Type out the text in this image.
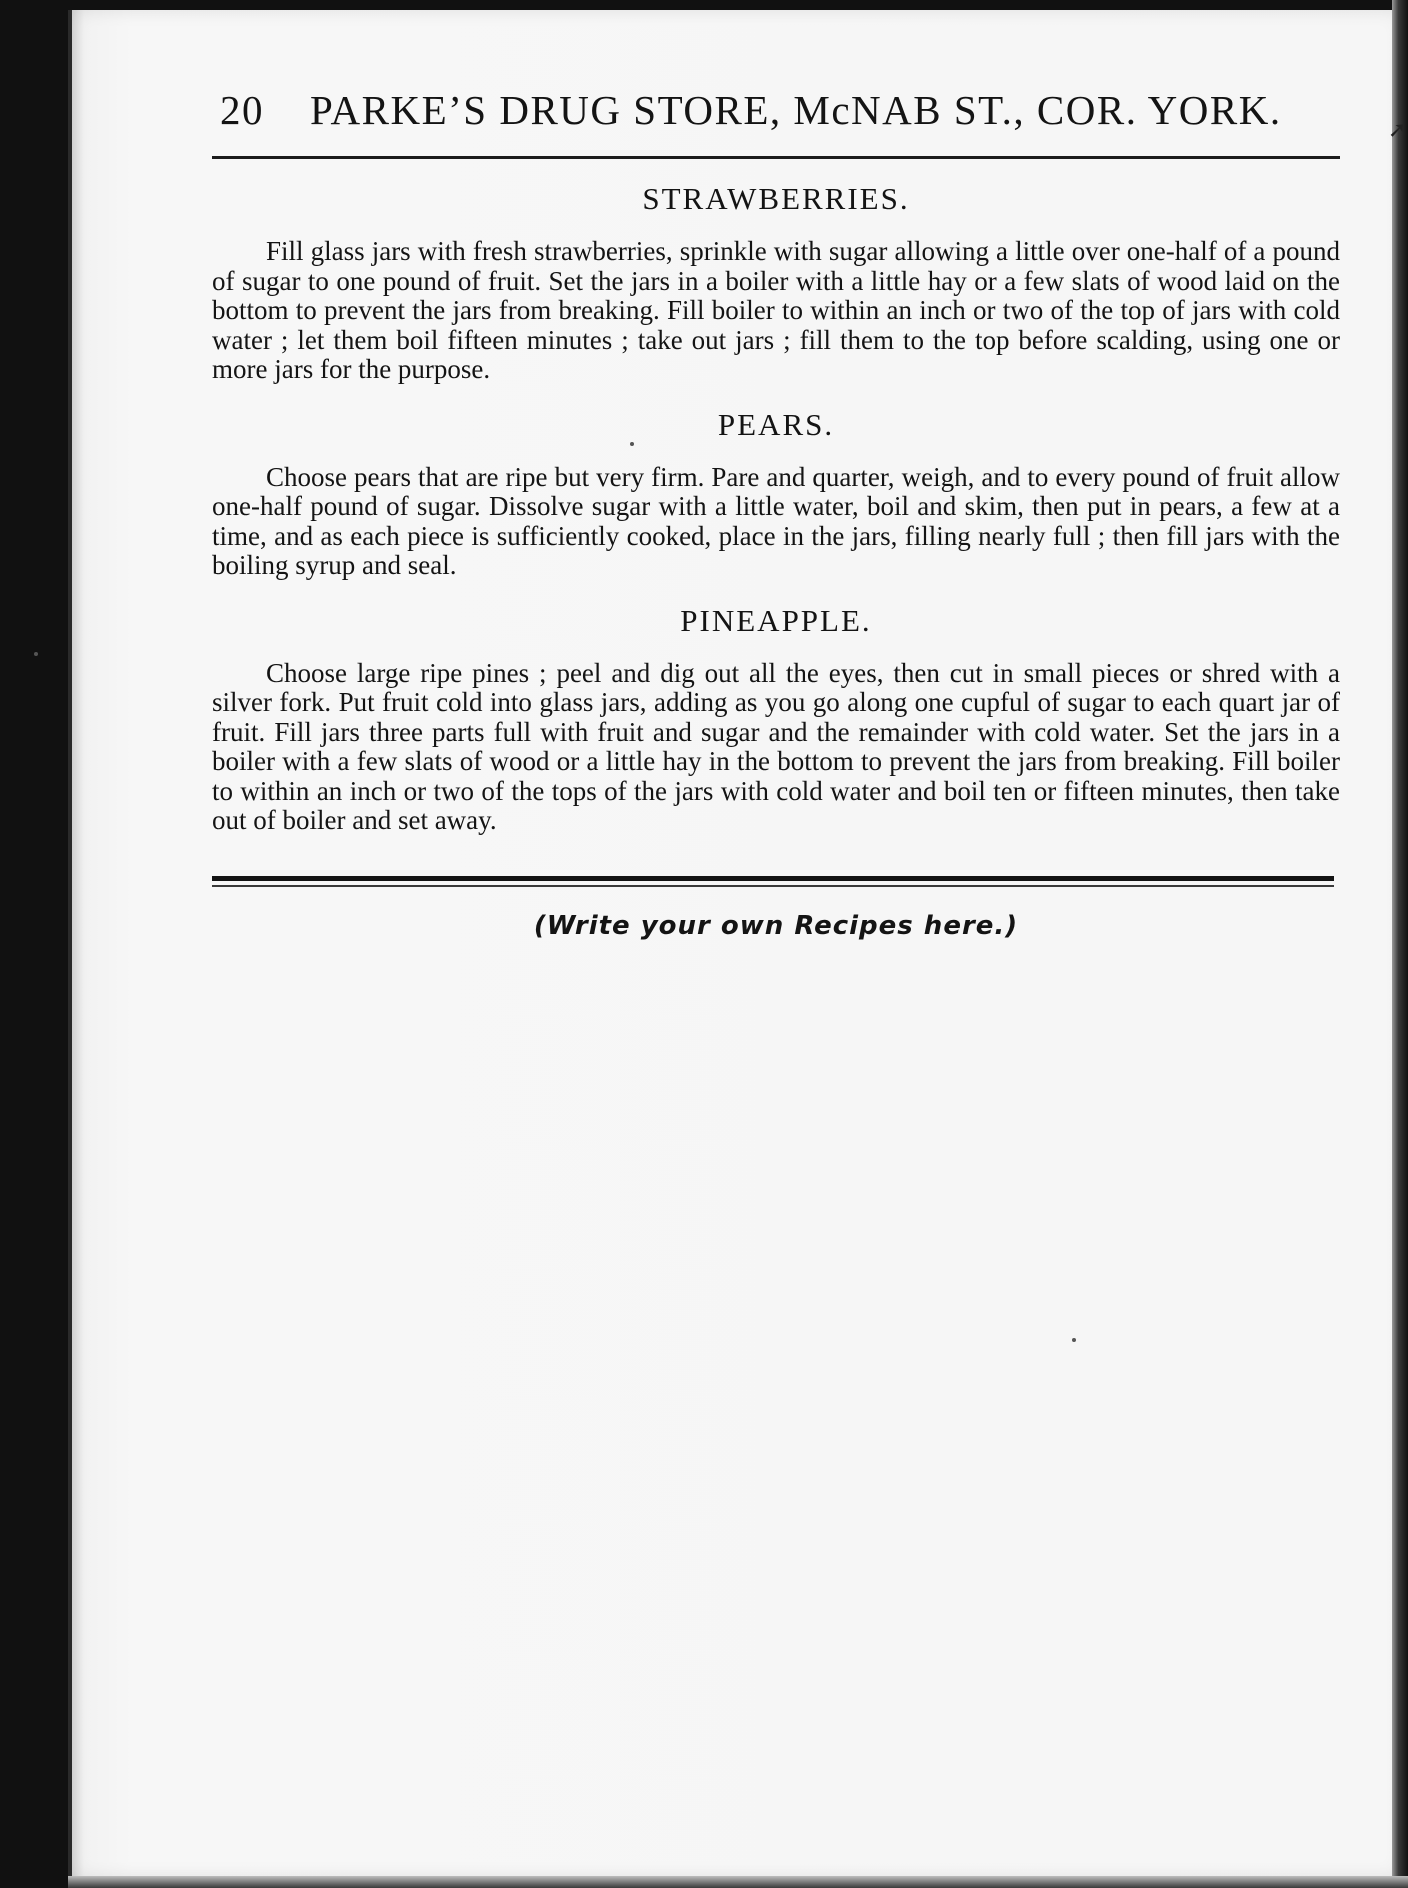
20 PARKE’S DRUG STORE, McNAB ST., COR. YORK.
STRAWBERRIES.

Fill glass jars with fresh strawberries, sprinkle with sugar allowing a little over one-half of a pound of sugar to one pound of fruit. Set the jars in a boiler with a little hay or a few slats of wood laid on the bottom to prevent the jars from breaking. Fill boiler to within an inch or two of the top of jars with cold water ; let them boil fifteen minutes ; take out jars ; fill them to the top before scalding, using one or more jars for the purpose.

PEARS.

Choose pears that are ripe but very firm. Pare and quarter, weigh, and to every pound of fruit allow one-half pound of sugar. Dissolve sugar with a little water, boil and skim, then put in pears, a few at a time, and as each piece is sufficiently cooked, place in the jars, filling nearly full ; then fill jars with the boiling syrup and seal.

PINEAPPLE.

Choose large ripe pines ; peel and dig out all the eyes, then cut in small pieces or shred with a silver fork. Put fruit cold into glass jars, adding as you go along one cupful of sugar to each quart jar of fruit. Fill jars three parts full with fruit and sugar and the remainder with cold water. Set the jars in a boiler with a few slats of wood or a little hay in the bottom to prevent the jars from breaking. Fill boiler to within an inch or two of the tops of the jars with cold water and boil ten or fifteen minutes, then take out of boiler and set away.

(Write your own Recipes here.)
➚
